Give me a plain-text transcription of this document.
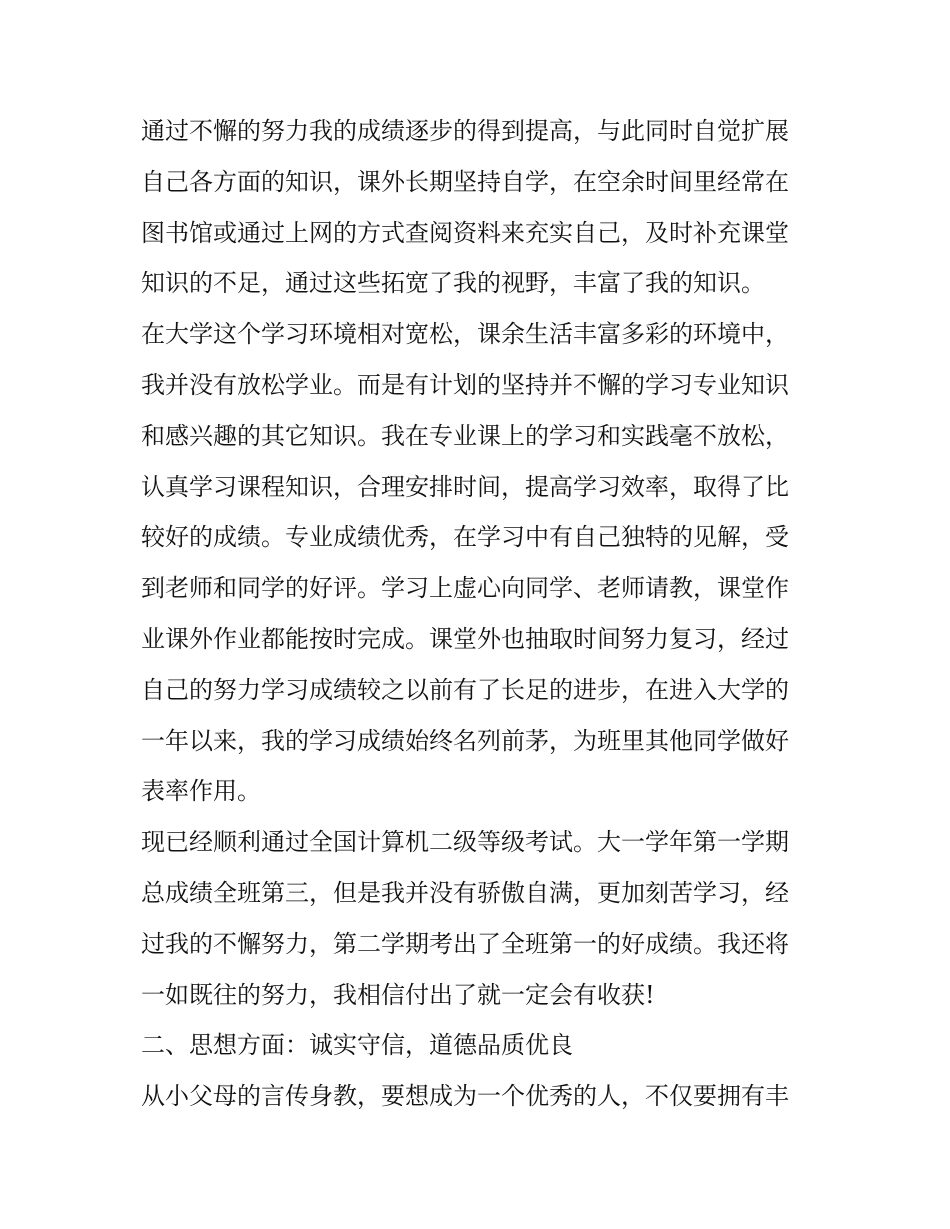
通过不懈的努力我的成绩逐步的得到提高，与此同时自觉扩展
自己各方面的知识，课外长期坚持自学，在空余时间里经常在
图书馆或通过上网的方式查阅资料来充实自己，及时补充课堂
知识的不足，通过这些拓宽了我的视野，丰富了我的知识。
在大学这个学习环境相对宽松，课余生活丰富多彩的环境中，
我并没有放松学业。而是有计划的坚持并不懈的学习专业知识
和感兴趣的其它知识。我在专业课上的学习和实践毫不放松，
认真学习课程知识，合理安排时间，提高学习效率，取得了比
较好的成绩。专业成绩优秀，在学习中有自己独特的见解，受
到老师和同学的好评。学习上虚心向同学、老师请教，课堂作
业课外作业都能按时完成。课堂外也抽取时间努力复习，经过
自己的努力学习成绩较之以前有了长足的进步，在进入大学的
一年以来，我的学习成绩始终名列前茅，为班里其他同学做好
表率作用。
现已经顺利通过全国计算机二级等级考试。大一学年第一学期
总成绩全班第三，但是我并没有骄傲自满，更加刻苦学习，经
过我的不懈努力，第二学期考出了全班第一的好成绩。我还将
一如既往的努力，我相信付出了就一定会有收获!
二、思想方面：诚实守信，道德品质优良
从小父母的言传身教，要想成为一个优秀的人，不仅要拥有丰
